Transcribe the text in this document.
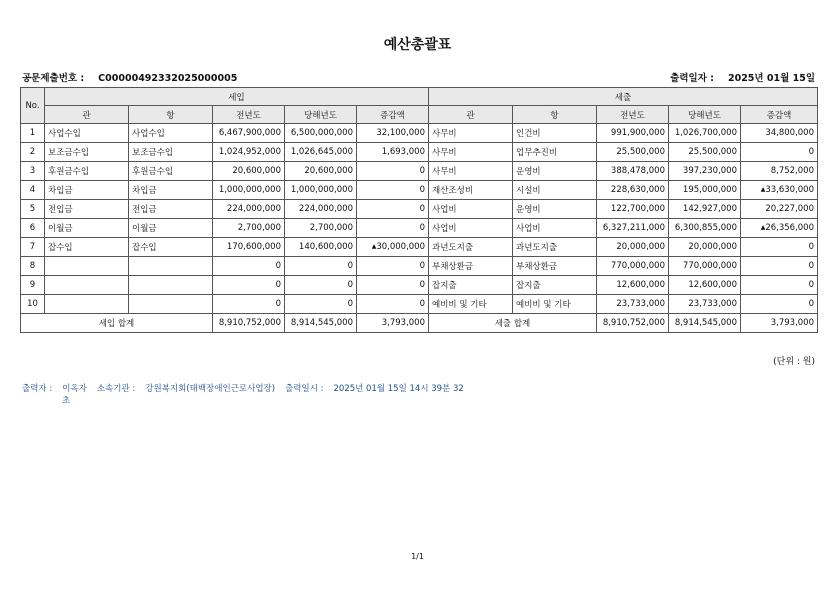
예산총괄표
공문제출번호 : C00000492332025000005	출력일자 : 2025년 01월 15일
No.	세입					세출				
	관	항	전년도	당해년도	증감액	관	항	전년도	당해년도	증감액
1	사업수입	사업수입	6,467,900,000	6,500,000,000	32,100,000	사무비	인건비	991,900,000	1,026,700,000	34,800,000
2	보조금수입	보조금수입	1,024,952,000	1,026,645,000	1,693,000	사무비	업무추진비	25,500,000	25,500,000	0
3	후원금수입	후원금수입	20,600,000	20,600,000	0	사무비	운영비	388,478,000	397,230,000	8,752,000
4	차입금	차입금	1,000,000,000	1,000,000,000	0	재산조성비	시설비	228,630,000	195,000,000	▲33,630,000
5	전입금	전입금	224,000,000	224,000,000	0	사업비	운영비	122,700,000	142,927,000	20,227,000
6	이월금	이월금	2,700,000	2,700,000	0	사업비	사업비	6,327,211,000	6,300,855,000	▲26,356,000
7	잡수입	잡수입	170,600,000	140,600,000	▲30,000,000	과년도지출	과년도지출	20,000,000	20,000,000	0
8			0	0	0	부채상환금	부채상환금	770,000,000	770,000,000	0
9			0	0	0	잡지출	잡지출	12,600,000	12,600,000	0
10			0	0	0	예비비 및 기타	예비비 및 기타	23,733,000	23,733,000	0
세입 합계			8,910,752,000	8,914,545,000	3,793,000	세출 합계		8,910,752,000	8,914,545,000	3,793,000
(단위 : 원)
출력자 : 이옥자 소속기관 : 강원복지회(태백장애인근로사업장) 출력일시 : 2025년 01월 15일 14시 39분 32
초
1/1
